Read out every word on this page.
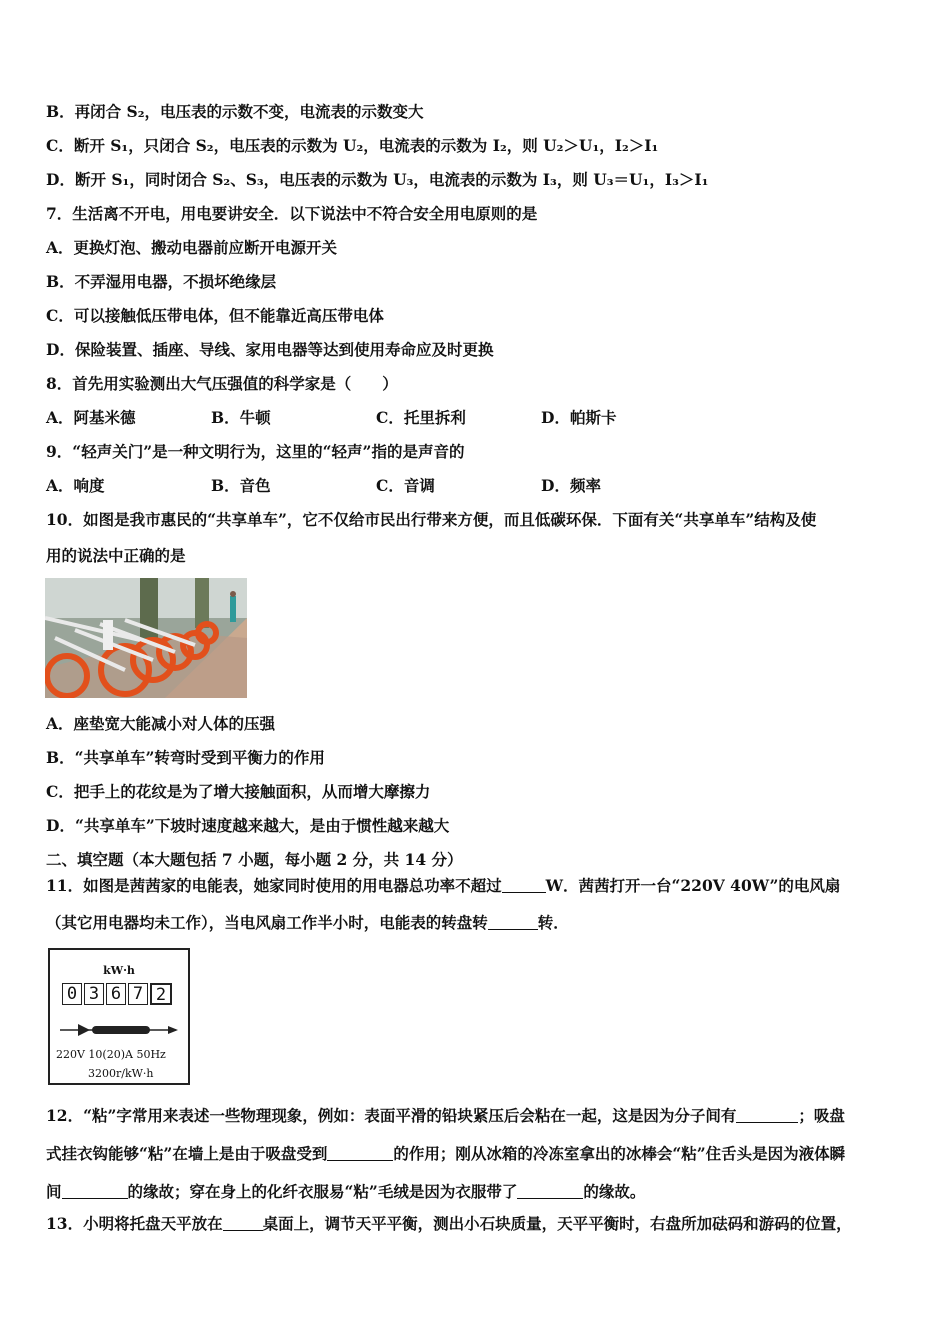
B．再闭合 S₂，电压表的示数不变，电流表的示数变大
C．断开 S₁，只闭合 S₂，电压表的示数为 U₂，电流表的示数为 I₂，则 U₂＞U₁，I₂＞I₁
D．断开 S₁，同时闭合 S₂、S₃，电压表的示数为 U₃，电流表的示数为 I₃，则 U₃＝U₁，I₃＞I₁
7．生活离不开电，用电要讲安全．以下说法中不符合安全用电原则的是
A．更换灯泡、搬动电器前应断开电源开关
B．不弄湿用电器，不损坏绝缘层
C．可以接触低压带电体，但不能靠近高压带电体
D．保险装置、插座、导线、家用电器等达到使用寿命应及时更换
8．首先用实验测出大气压强值的科学家是（　　）
A．阿基米德	B．牛顿	C．托里拆利	D．帕斯卡
9．“轻声关门”是一种文明行为，这里的“轻声”指的是声音的
A．响度	B．音色	C．音调	D．频率
10．如图是我市惠民的“共享单车”，它不仅给市民出行带来方便，而且低碳环保．下面有关“共享单车”结构及使
用的说法中正确的是
A．座垫宽大能减小对人体的压强
B．“共享单车”转弯时受到平衡力的作用
C．把手上的花纹是为了增大接触面积，从而增大摩擦力
D．“共享单车”下坡时速度越来越大，是由于惯性越来越大
二、填空题（本大题包括 7 小题，每小题 2 分，共 14 分）
11．如图是茜茜家的电能表，她家同时使用的用电器总功率不超过	W．茜茜打开一台“220V 40W”的电风扇
（其它用电器均未工作），当电风扇工作半小时，电能表的转盘转	转．
kW·h
0 3 6 7 2
220V 10(20)A 50Hz
3200r/kW·h
12．“粘”字常用来表述一些物理现象，例如：表面平滑的铅块紧压后会粘在一起，这是因为分子间有	；吸盘
式挂衣钩能够“粘”在墙上是由于吸盘受到	的作用；刚从冰箱的冷冻室拿出的冰棒会“粘”住舌头是因为液体瞬
间	的缘故；穿在身上的化纤衣服易“粘”毛绒是因为衣服带了	的缘故。
13．小明将托盘天平放在	桌面上，调节天平平衡，测出小石块质量，天平平衡时，右盘所加砝码和游码的位置，
